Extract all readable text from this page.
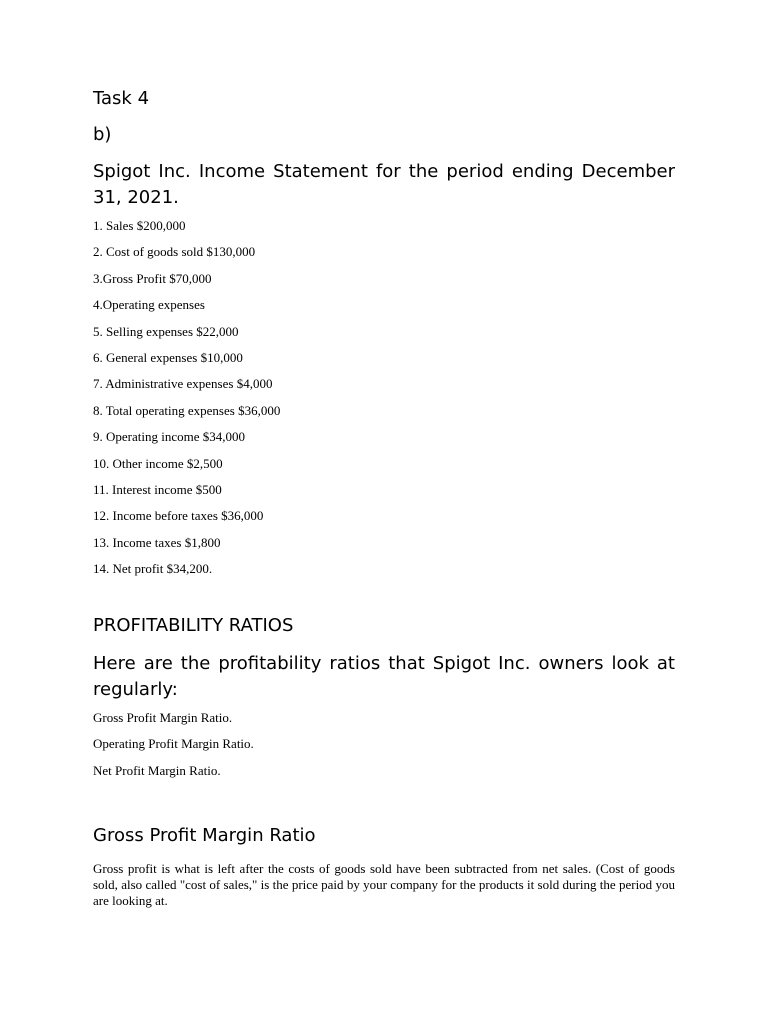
Task 4
b)
Spigot Inc. Income Statement for the period ending December 31, 2021.
1. Sales $200,000
2. Cost of goods sold $130,000
3.Gross Profit $70,000
4.Operating expenses
5. Selling expenses $22,000
6. General expenses $10,000
7. Administrative expenses $4,000
8. Total operating expenses $36,000
9. Operating income $34,000
10. Other income $2,500
11. Interest income $500
12. Income before taxes $36,000
13. Income taxes $1,800
14. Net profit $34,200.
PROFITABILITY RATIOS

Here are the profitability ratios that Spigot Inc. owners look at regularly:

Gross Profit Margin Ratio.
Operating Profit Margin Ratio.
Net Profit Margin Ratio.
Gross Profit Margin Ratio

Gross profit is what is left after the costs of goods sold have been subtracted from net sales. (Cost of goods sold, also called "cost of sales," is the price paid by your company for the products it sold during the period you are looking at.
